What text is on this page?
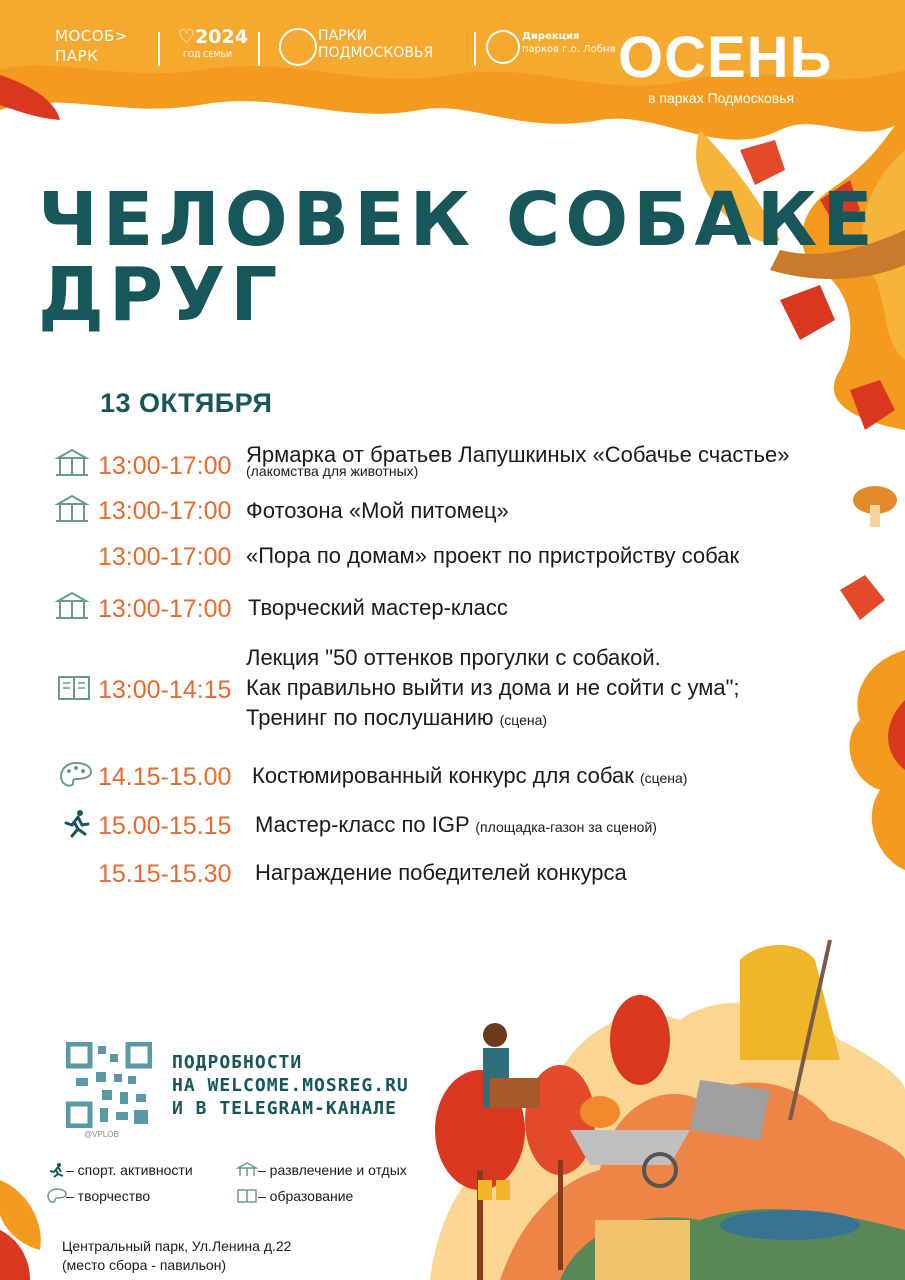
МОСОБ>
ПАРК
♡2024
ГОД СЕМЬИ
ПАРКИ
ПОДМОСКОВЬЯ
Дирекция
парков г.о. Лобня ОСЕНЬ
в парках Подмосковья
ЧЕЛОВЕК СОБАКЕ
ДРУГ
13 ОКТЯБРЯ
13:00-17:00 Ярмарка от братьев Лапушкиных «Собачье счастье»
(лакомства для животных)
13:00-17:00 Фотозона «Мой питомец»
13:00-17:00 «Пора по домам» проект по пристройству собак
13:00-17:00 Творческий мастер-класс
13:00-14:15
Лекция "50 оттенков прогулки с собакой.
Как правильно выйти из дома и не сойти с ума";
Тренинг по послушанию (сцена)
14.15-15.00 Костюмированный конкурс для собак (сцена)
15.00-15.15 Мастер-класс по IGP (площадка-газон за сценой)
15.15-15.30 Награждение победителей конкурса
@VPLOB
ПОДРОБНОСТИ
НА WELCOME.MOSREG.RU
И В TELEGRAM-КАНАЛЕ
– спорт. активности
– творчество
– развлечение и отдых
– образование
Центральный парк, Ул.Ленина д.22
(место сбора - павильон)
